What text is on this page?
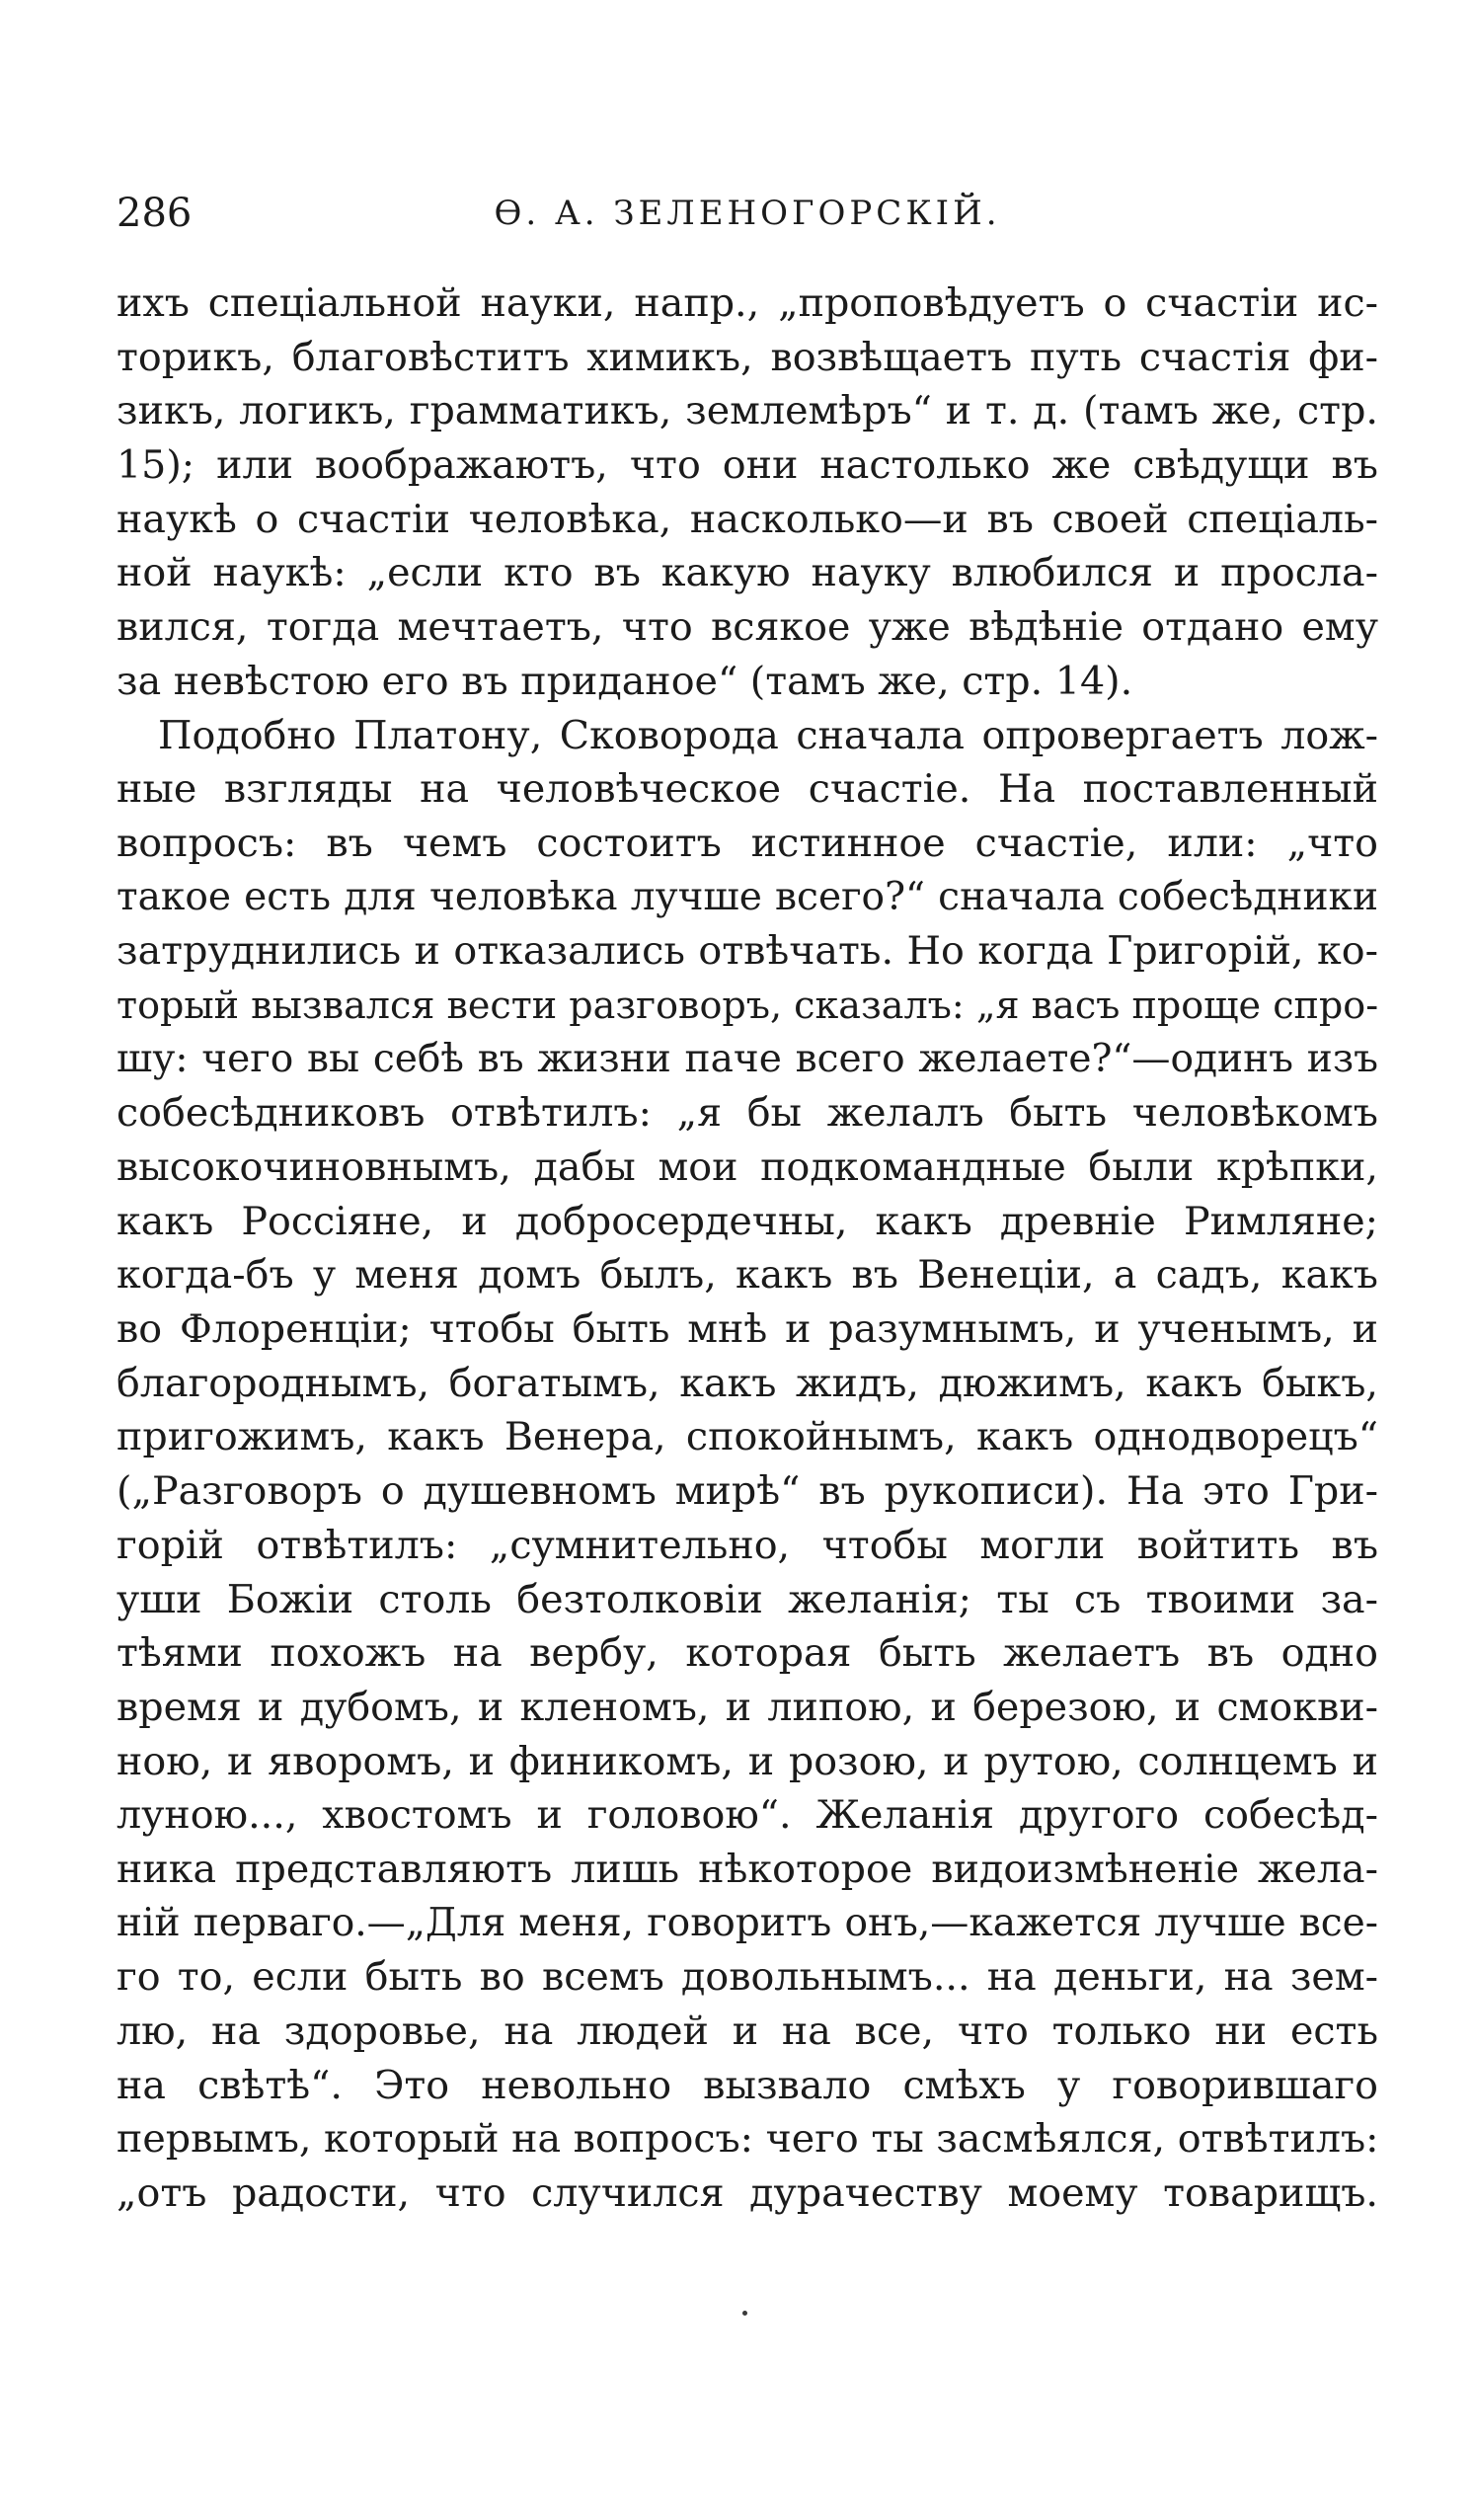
286	Ѳ. А. ЗЕЛЕНОГОРСКІЙ.
ихъ спеціальной науки, напр., „проповѣдуетъ о счастіи ис-
торикъ, благовѣститъ химикъ, возвѣщаетъ путь счастія фи-
зикъ, логикъ, грамматикъ, землемѣръ“ и т. д. (тамъ же, стр.
15); или воображаютъ, что они настолько же свѣдущи въ
наукѣ о счастіи человѣка, насколько—и въ своей спеціаль-
ной наукѣ: „если кто въ какую науку влюбился и просла-
вился, тогда мечтаетъ, что всякое уже вѣдѣніе отдано ему
за невѣстою его въ приданое“ (тамъ же, стр. 14).
Подобно Платону, Сковорода сначала опровергаетъ лож-
ные взгляды на человѣческое счастіе. На поставленный
вопросъ: въ чемъ состоитъ истинное счастіе, или: „что
такое есть для человѣка лучше всего?“ сначала собесѣдники
затруднились и отказались отвѣчать. Но когда Григорій, ко-
торый вызвался вести разговоръ, сказалъ: „я васъ проще спро-
шу: чего вы себѣ въ жизни паче всего желаете?“—одинъ изъ
собесѣдниковъ отвѣтилъ: „я бы желалъ быть человѣкомъ
высокочиновнымъ, дабы мои подкомандные были крѣпки,
какъ Россіяне, и добросердечны, какъ древніе Римляне;
когда-бъ у меня домъ былъ, какъ въ Венеціи, а садъ, какъ
во Флоренціи; чтобы быть мнѣ и разумнымъ, и ученымъ, и
благороднымъ, богатымъ, какъ жидъ, дюжимъ, какъ быкъ,
пригожимъ, какъ Венера, спокойнымъ, какъ однодворецъ“
(„Разговоръ о душевномъ мирѣ“ въ рукописи). На это Гри-
горій отвѣтилъ: „сумнительно, чтобы могли войтить въ
уши Божіи столь безтолковіи желанія; ты съ твоими за-
тѣями похожъ на вербу, которая быть желаетъ въ одно
время и дубомъ, и кленомъ, и липою, и березою, и смокви-
ною, и яворомъ, и финикомъ, и розою, и рутою, солнцемъ и
луною..., хвостомъ и головою“. Желанія другого собесѣд-
ника представляютъ лишь нѣкоторое видоизмѣненіе жела-
ній перваго.—„Для меня, говоритъ онъ,—кажется лучше все-
го то, если быть во всемъ довольнымъ... на деньги, на зем-
лю, на здоровье, на людей и на все, что только ни есть
на свѣтѣ“. Это невольно вызвало смѣхъ у говорившаго
первымъ, который на вопросъ: чего ты засмѣялся, отвѣтилъ:
„отъ радости, что случился дурачеству моему товарищъ.
